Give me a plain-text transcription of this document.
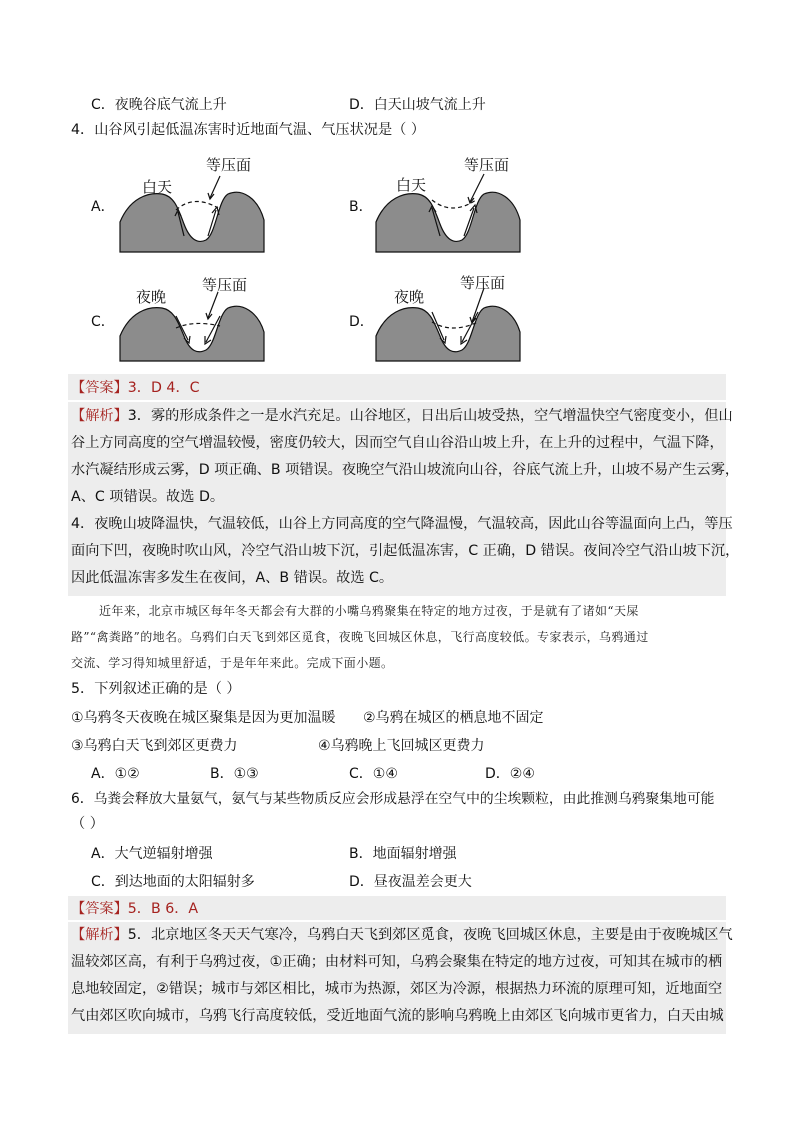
C．夜晚谷底气流上升	D．白天山坡气流上升
4．山谷风引起低温冻害时近地面气温、气压状况是（ ）
A．
等压面
白天
B．
等压面
白天
C．
等压面
夜晚
D．
等压面
夜晚
【答案】3．D 4．C
【解析】3．雾的形成条件之一是水汽充足。山谷地区，日出后山坡受热，空气增温快空气密度变小，但山
谷上方同高度的空气增温较慢，密度仍较大，因而空气自山谷沿山坡上升，在上升的过程中，气温下降，
水汽凝结形成云雾，D 项正确、B 项错误。夜晚空气沿山坡流向山谷，谷底气流上升，山坡不易产生云雾，
A、C 项错误。故选 D。
4．夜晚山坡降温快，气温较低，山谷上方同高度的空气降温慢，气温较高，因此山谷等温面向上凸，等压
面向下凹，夜晚时吹山风，冷空气沿山坡下沉，引起低温冻害，C 正确，D 错误。夜间冷空气沿山坡下沉，
因此低温冻害多发生在夜间，A、B 错误。故选 C。
近年来，北京市城区每年冬天都会有大群的小嘴乌鸦聚集在特定的地方过夜，于是就有了诸如“天屎
路”“禽粪路”的地名。乌鸦们白天飞到郊区觅食，夜晚飞回城区休息，飞行高度较低。专家表示，乌鸦通过
交流、学习得知城里舒适，于是年年来此。完成下面小题。
5．下列叙述正确的是（ ）
①乌鸦冬天夜晚在城区聚集是因为更加温暖 ②乌鸦在城区的栖息地不固定
③乌鸦白天飞到郊区更费力	④乌鸦晚上飞回城区更费力
A．①②	B．①③	C．①④	D．②④
6．乌粪会释放大量氨气，氨气与某些物质反应会形成悬浮在空气中的尘埃颗粒，由此推测乌鸦聚集地可能
（ ）
A．大气逆辐射增强	B．地面辐射增强
C．到达地面的太阳辐射多	D．昼夜温差会更大
【答案】5．B 6．A
【解析】5．北京地区冬天天气寒冷，乌鸦白天飞到郊区觅食，夜晚飞回城区休息，主要是由于夜晚城区气
温较郊区高，有利于乌鸦过夜，①正确；由材料可知，乌鸦会聚集在特定的地方过夜，可知其在城市的栖
息地较固定，②错误；城市与郊区相比，城市为热源，郊区为冷源，根据热力环流的原理可知，近地面空
气由郊区吹向城市，乌鸦飞行高度较低，受近地面气流的影响乌鸦晚上由郊区飞向城市更省力，白天由城
